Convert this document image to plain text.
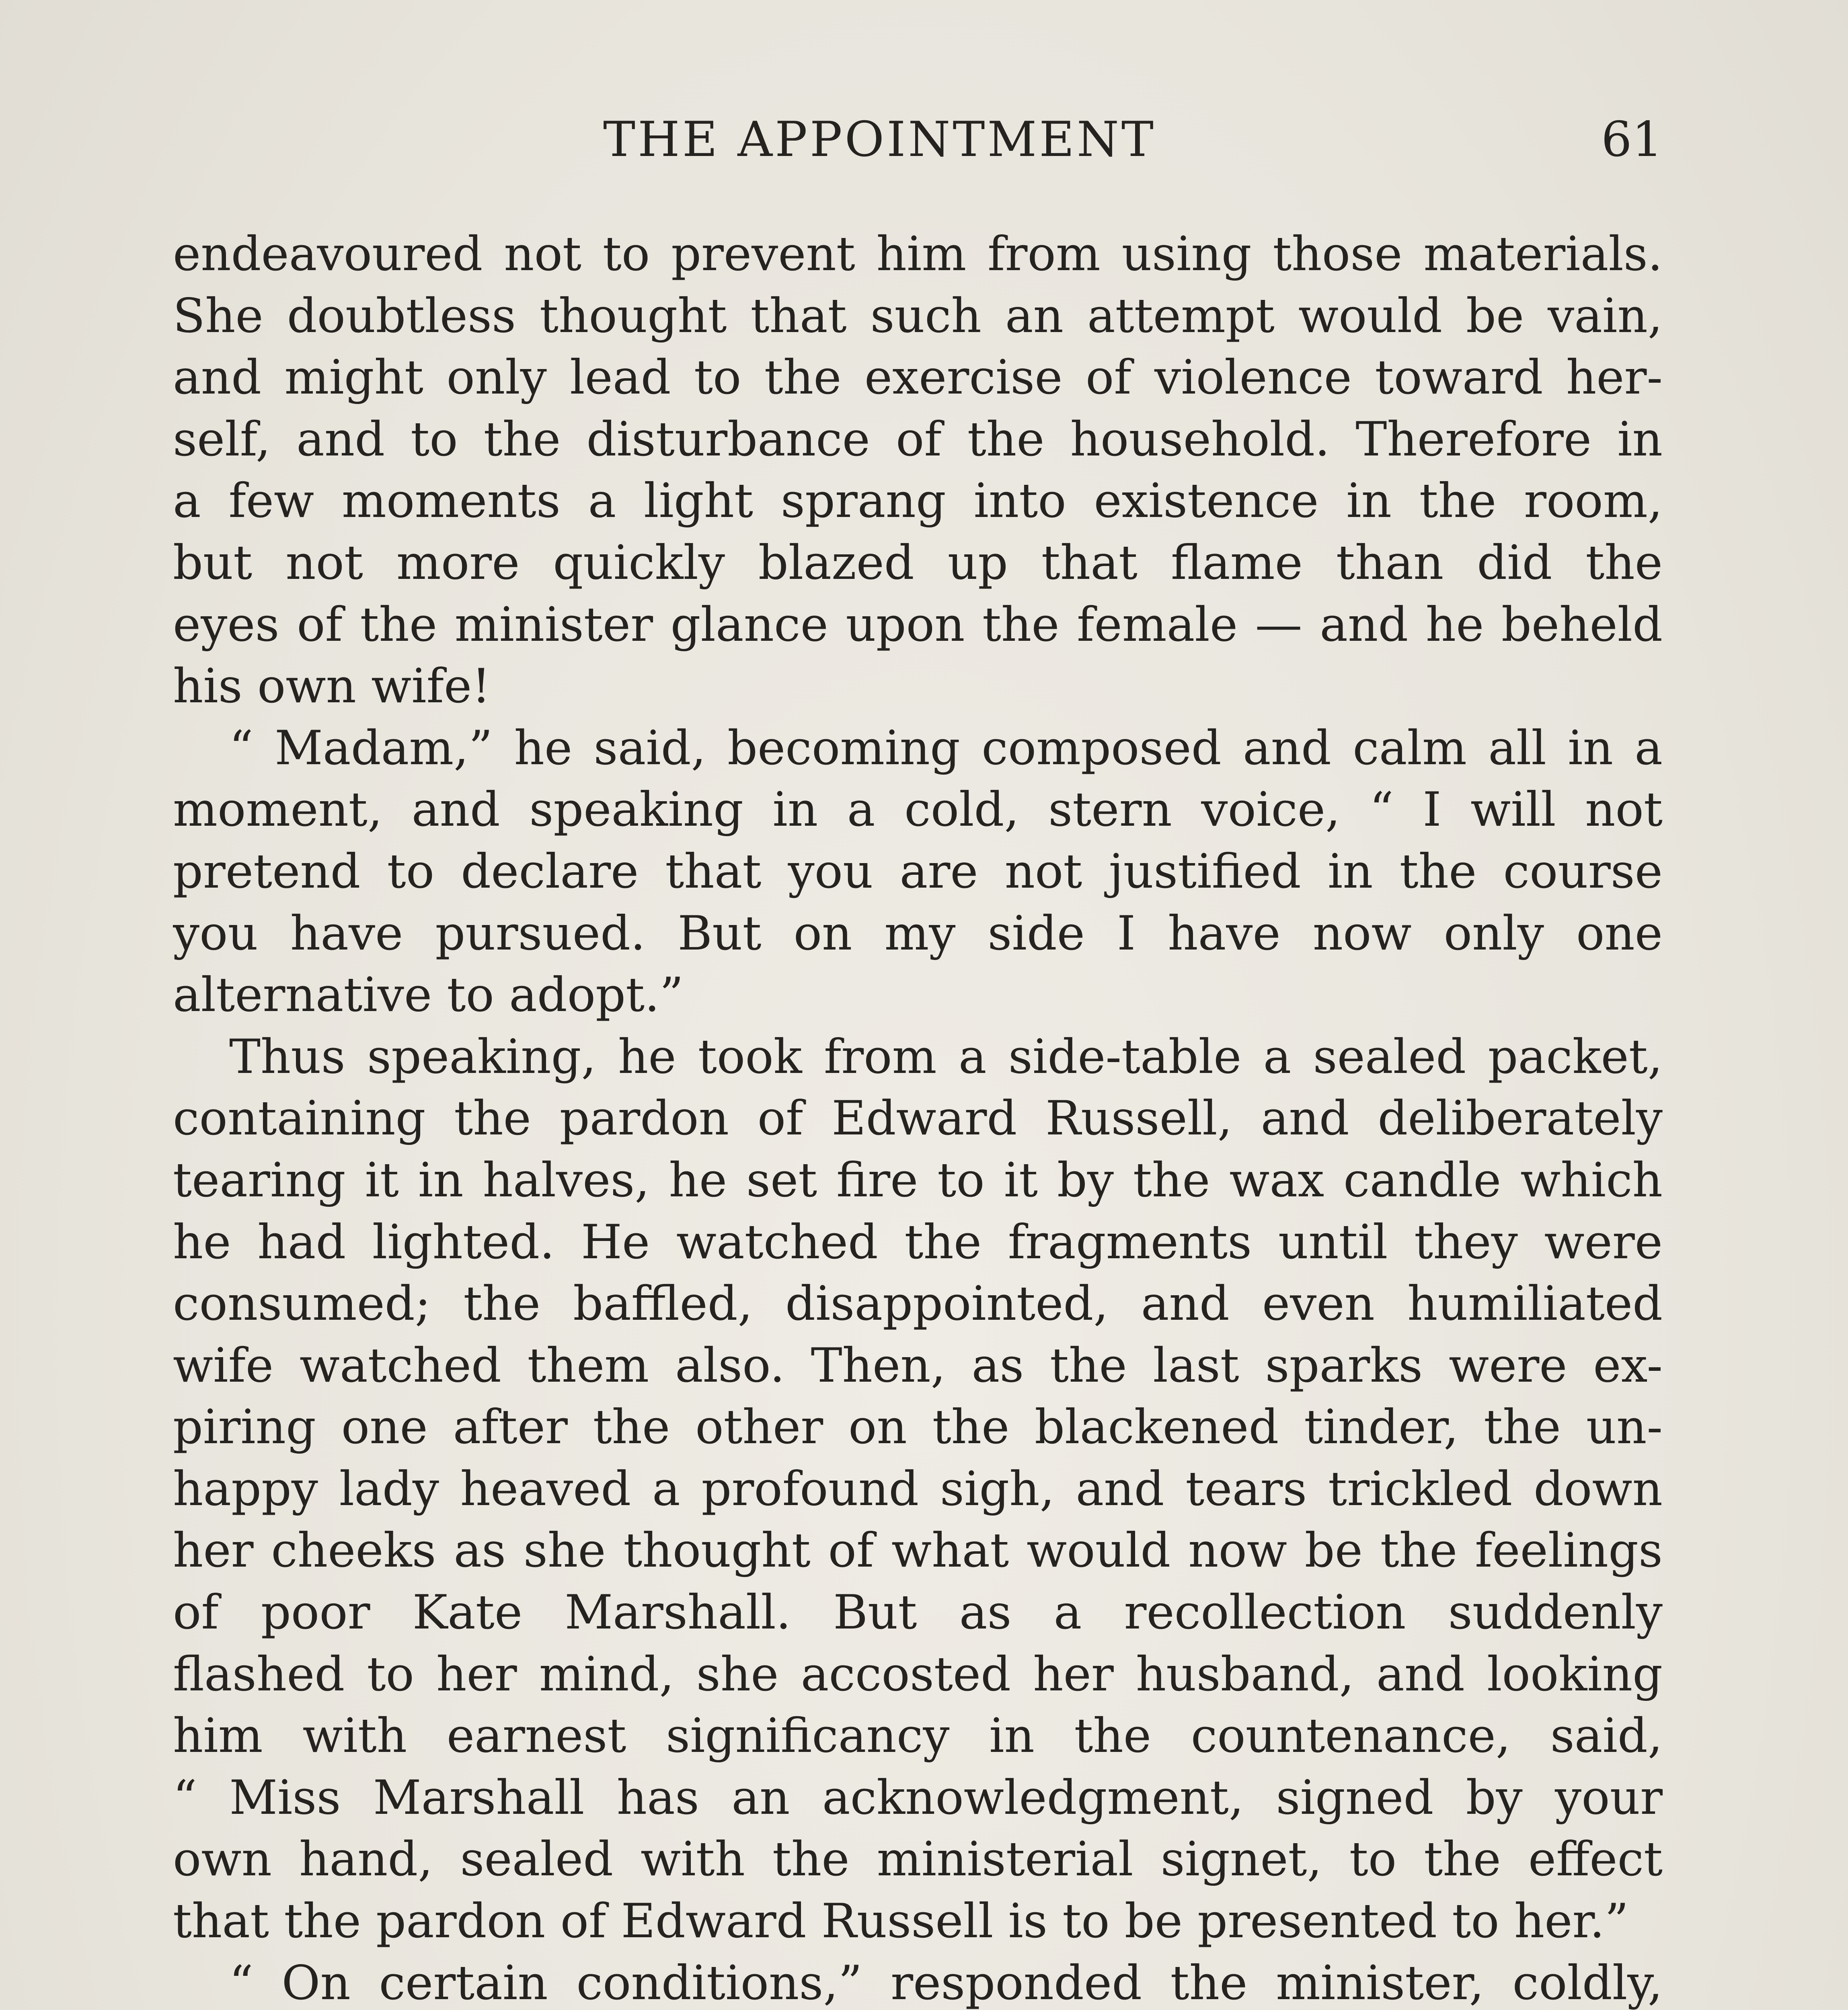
THE APPOINTMENT	61
endeavoured not to prevent him from using those materials.
She doubtless thought that such an attempt would be vain,
and might only lead to the exercise of violence toward her-
self, and to the disturbance of the household. Therefore in
a few moments a light sprang into existence in the room,
but not more quickly blazed up that flame than did the
eyes of the minister glance upon the female — and he beheld
his own wife!
“ Madam,” he said, becoming composed and calm all in a
moment, and speaking in a cold, stern voice, “ I will not
pretend to declare that you are not justified in the course
you have pursued. But on my side I have now only one
alternative to adopt.”
Thus speaking, he took from a side-table a sealed packet,
containing the pardon of Edward Russell, and deliberately
tearing it in halves, he set fire to it by the wax candle which
he had lighted. He watched the fragments until they were
consumed; the baffled, disappointed, and even humiliated
wife watched them also. Then, as the last sparks were ex-
piring one after the other on the blackened tinder, the un-
happy lady heaved a profound sigh, and tears trickled down
her cheeks as she thought of what would now be the feelings
of poor Kate Marshall. But as a recollection suddenly
flashed to her mind, she accosted her husband, and looking
him with earnest significancy in the countenance, said,
“ Miss Marshall has an acknowledgment, signed by your
own hand, sealed with the ministerial signet, to the effect
that the pardon of Edward Russell is to be presented to her.”
“ On certain conditions,” responded the minister, coldly,
